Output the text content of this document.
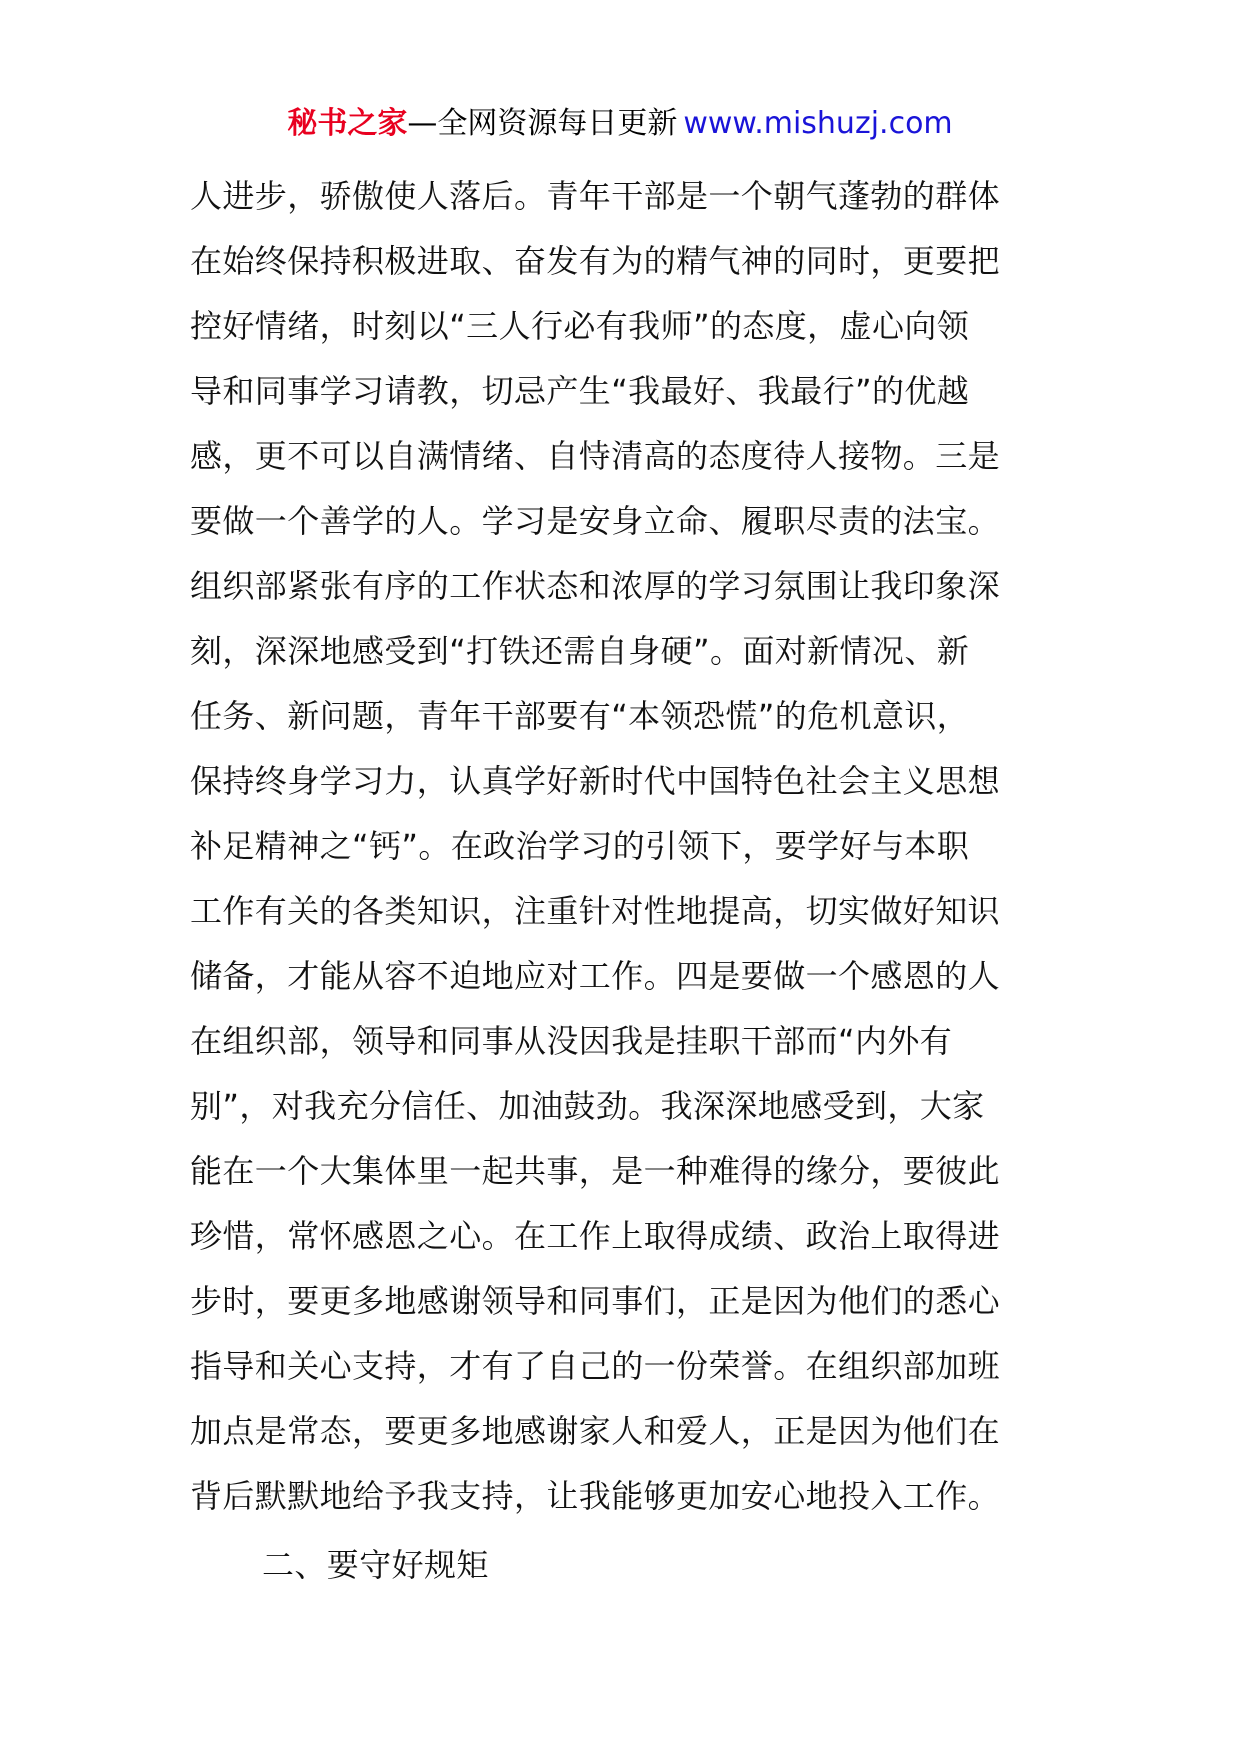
秘书之家—全网资源每日更新 www.mishuzj.com
人进步，骄傲使人落后。青年干部是一个朝气蓬勃的群体
在始终保持积极进取、奋发有为的精气神的同时，更要把
控好情绪，时刻以“三人行必有我师”的态度，虚心向领
导和同事学习请教，切忌产生“我最好、我最行”的优越
感，更不可以自满情绪、自恃清高的态度待人接物。三是
要做一个善学的人。学习是安身立命、履职尽责的法宝。
组织部紧张有序的工作状态和浓厚的学习氛围让我印象深
刻，深深地感受到“打铁还需自身硬”。面对新情况、新
任务、新问题，青年干部要有“本领恐慌”的危机意识，
保持终身学习力，认真学好新时代中国特色社会主义思想
补足精神之“钙”。在政治学习的引领下，要学好与本职
工作有关的各类知识，注重针对性地提高，切实做好知识
储备，才能从容不迫地应对工作。四是要做一个感恩的人
在组织部，领导和同事从没因我是挂职干部而“内外有
别”，对我充分信任、加油鼓劲。我深深地感受到，大家
能在一个大集体里一起共事，是一种难得的缘分，要彼此
珍惜，常怀感恩之心。在工作上取得成绩、政治上取得进
步时，要更多地感谢领导和同事们，正是因为他们的悉心
指导和关心支持，才有了自己的一份荣誉。在组织部加班
加点是常态，要更多地感谢家人和爱人，正是因为他们在
背后默默地给予我支持，让我能够更加安心地投入工作。
二、要守好规矩
